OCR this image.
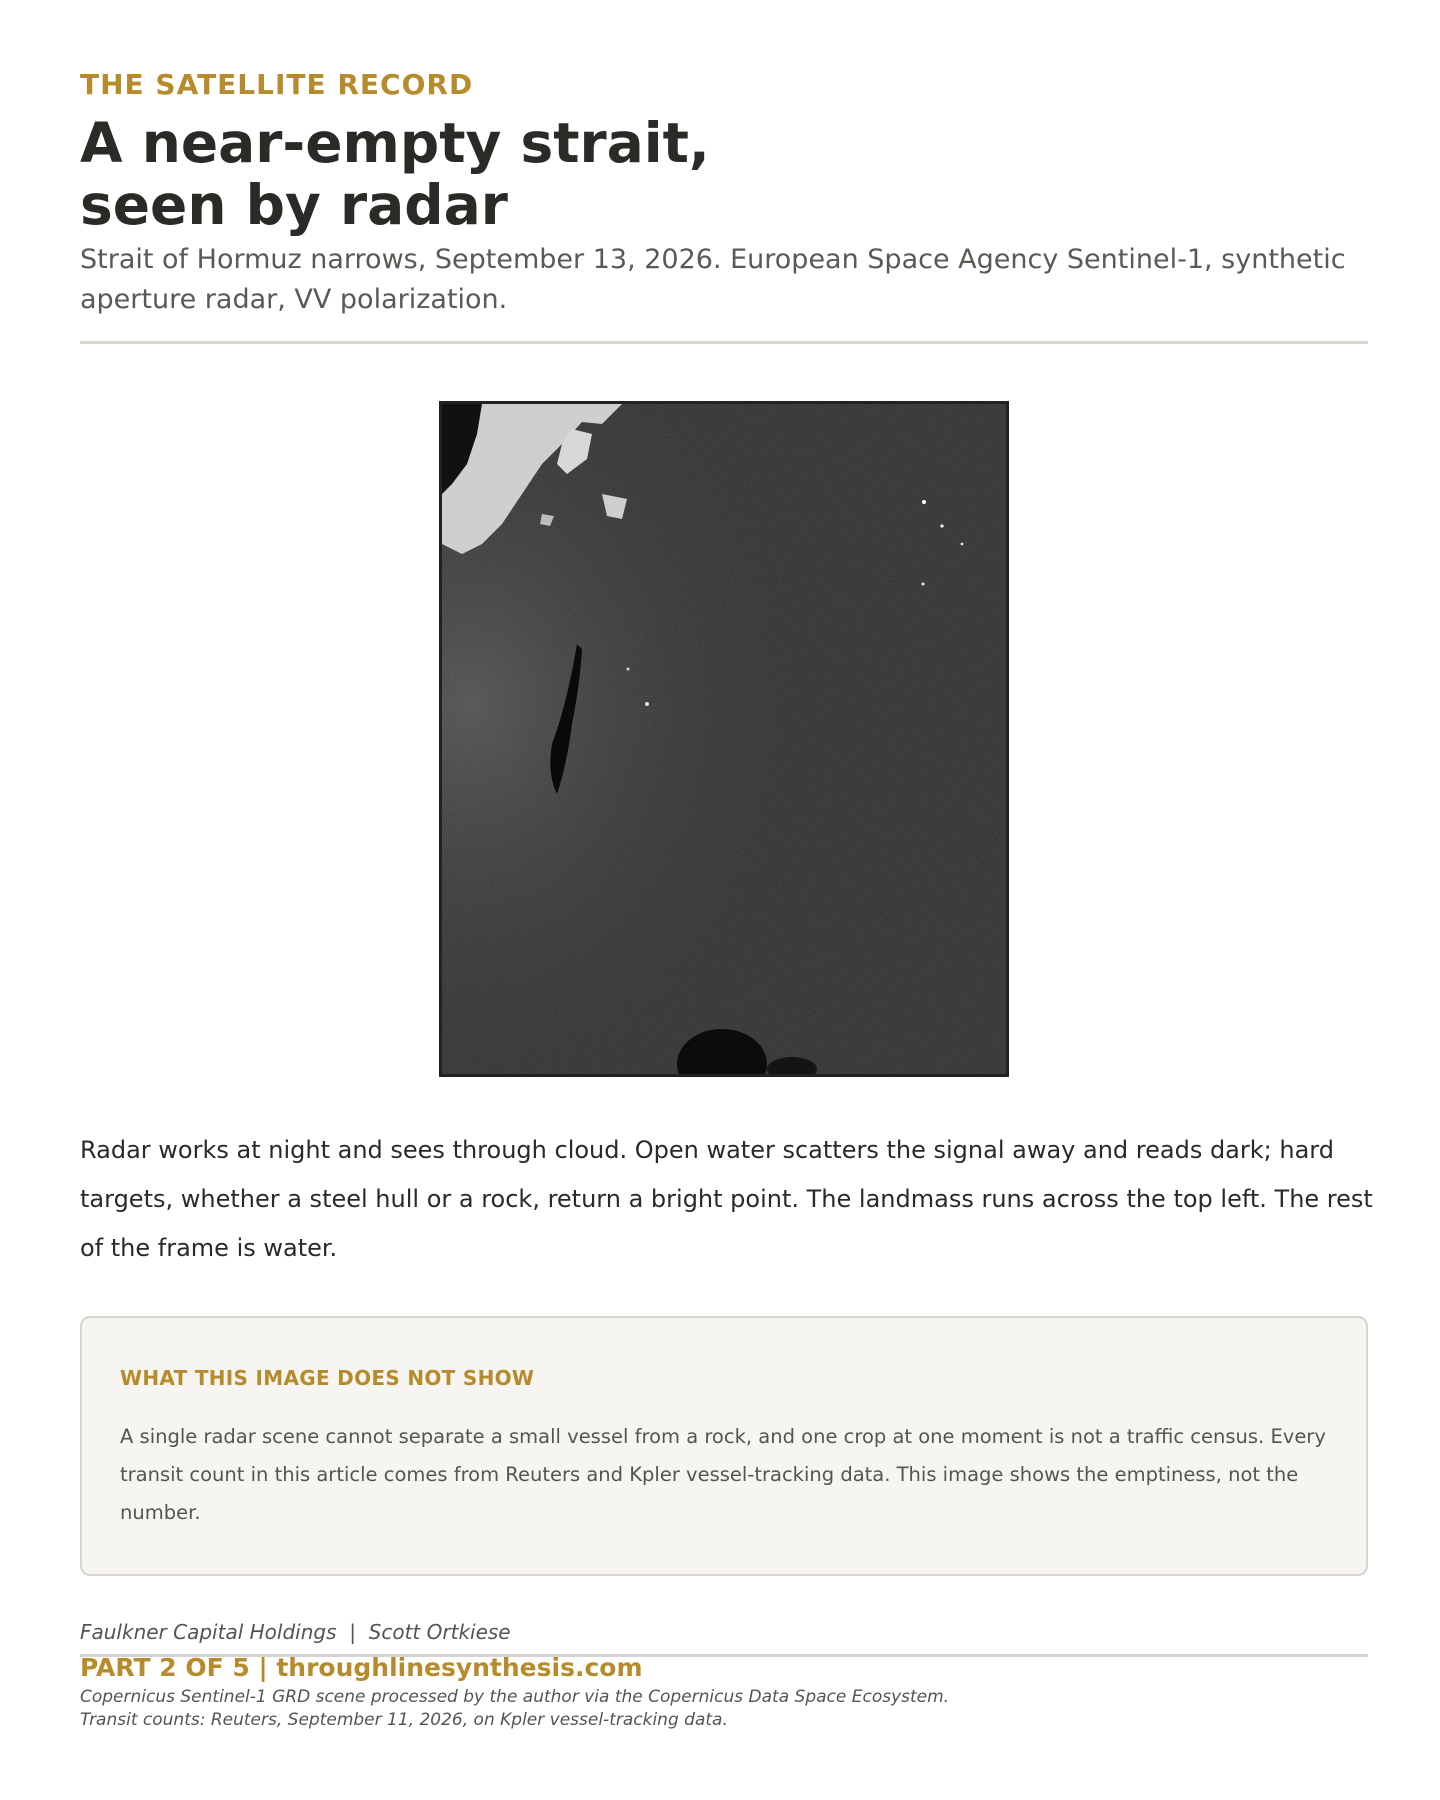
THE SATELLITE RECORD

A near-empty strait,
seen by radar

Strait of Hormuz narrows, September 13, 2026. European Space Agency Sentinel-1, synthetic aperture radar, VV polarization.

Radar works at night and sees through cloud. Open water scatters the signal away and reads dark; hard targets, whether a steel hull or a rock, return a bright point. The landmass runs across the top left. The rest of the frame is water.

WHAT THIS IMAGE DOES NOT SHOW

A single radar scene cannot separate a small vessel from a rock, and one crop at one moment is not a traffic census. Every transit count in this article comes from Reuters and Kpler vessel-tracking data. This image shows the emptiness, not the number.

Faulkner Capital Holdings  |  Scott Ortkiese
PART 2 OF 5 | throughlinesynthesis.com
Copernicus Sentinel-1 GRD scene processed by the author via the Copernicus Data Space Ecosystem.
Transit counts: Reuters, September 11, 2026, on Kpler vessel-tracking data.
